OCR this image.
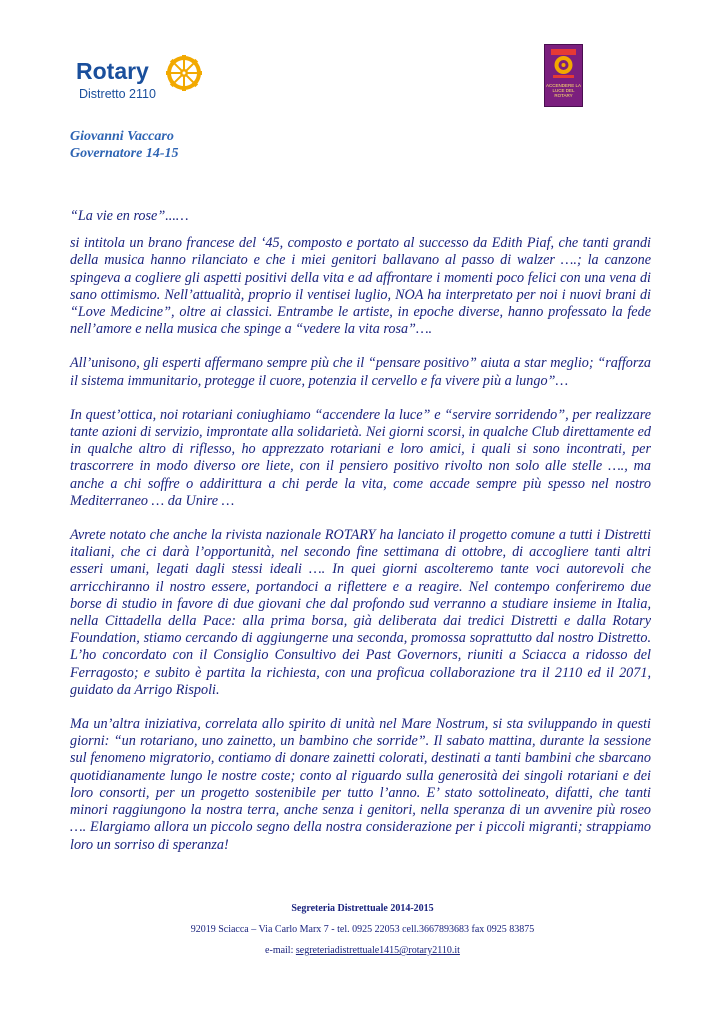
Rotary
Distretto 2110
ACCENDERE LA LUCE DEL ROTARY
Giovanni Vaccaro
Governatore 14-15

“La vie en rose”...…

si intitola un brano francese del ‘45, composto e portato al successo da Edith Piaf, che tanti grandi della musica hanno rilanciato e che i miei genitori ballavano al passo di walzer ….; la canzone spingeva a cogliere gli aspetti positivi della vita e ad affrontare i momenti poco felici con una vena di sano ottimismo. Nell’attualità, proprio il ventisei luglio, NOA ha interpretato per noi i nuovi brani di “Love Medicine”, oltre ai classici. Entrambe le artiste, in epoche diverse, hanno professato la fede nell’amore e nella musica che spinge a “vedere la vita rosa”….

All’unisono, gli esperti affermano sempre più che il “pensare positivo” aiuta a star meglio; “rafforza il sistema immunitario, protegge il cuore, potenzia il cervello e fa vivere più a lungo”…

In quest’ottica, noi rotariani coniughiamo “accendere la luce” e “servire sorridendo”, per realizzare tante azioni di servizio, improntate alla solidarietà. Nei giorni scorsi, in qualche Club direttamente ed in qualche altro di riflesso, ho apprezzato rotariani e loro amici, i quali si sono incontrati, per trascorrere in modo diverso ore liete, con il pensiero positivo rivolto non solo alle stelle …., ma anche a chi soffre o addirittura a chi perde la vita, come accade sempre più spesso nel nostro Mediterraneo … da Unire …

Avrete notato che anche la rivista nazionale ROTARY ha lanciato il progetto comune a tutti i Distretti italiani, che ci darà l’opportunità, nel secondo fine settimana di ottobre, di accogliere tanti altri esseri umani, legati dagli stessi ideali …. In quei giorni ascolteremo tante voci autorevoli che arricchiranno il nostro essere, portandoci a riflettere e a reagire. Nel contempo conferiremo due borse di studio in favore di due giovani che dal profondo sud verranno a studiare insieme in Italia, nella Cittadella della Pace: alla prima borsa, già deliberata dai tredici Distretti e dalla Rotary Foundation, stiamo cercando di aggiungerne una seconda, promossa soprattutto dal nostro Distretto. L’ho concordato con il Consiglio Consultivo dei Past Governors, riuniti a Sciacca a ridosso del Ferragosto; e subito è partita la richiesta, con una proficua collaborazione tra il 2110 ed il 2071, guidato da Arrigo Rispoli.

Ma un’altra iniziativa, correlata allo spirito di unità nel Mare Nostrum, si sta sviluppando in questi giorni: “un rotariano, uno zainetto, un bambino che sorride”. Il sabato mattina, durante la sessione sul fenomeno migratorio, contiamo di donare zainetti colorati, destinati a tanti bambini che sbarcano quotidianamente lungo le nostre coste; conto al riguardo sulla generosità dei singoli rotariani e dei loro consorti, per un progetto sostenibile per tutto l’anno. E’ stato sottolineato, difatti, che tanti minori raggiungono la nostra terra, anche senza i genitori, nella speranza di un avvenire più roseo …. Elargiamo allora un piccolo segno della nostra considerazione per i piccoli migranti; strappiamo loro un sorriso di speranza!

Segreteria Distrettuale 2014-2015
92019 Sciacca – Via Carlo Marx 7 - tel. 0925 22053 cell.3667893683 fax 0925 83875
e-mail: segreteriadistrettuale1415@rotary2110.it
